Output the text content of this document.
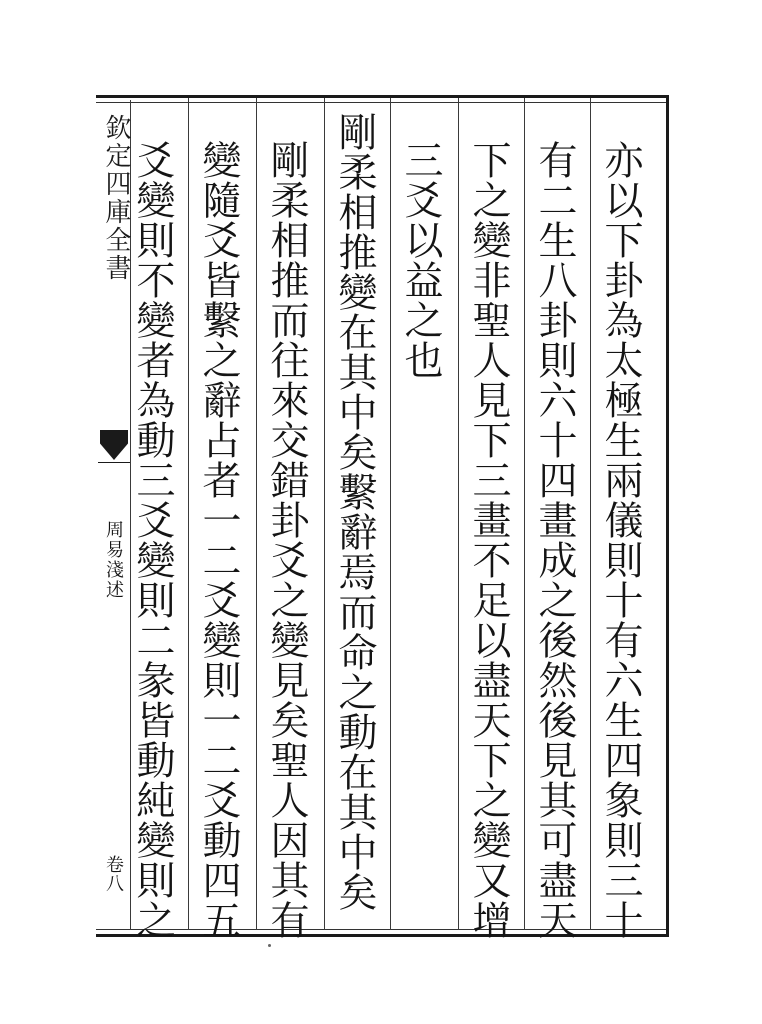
欽定四庫全書
周易淺述
卷八	亦以下卦為太極生兩儀則十有六生四象則三十
有二生八卦則六十四畫成之後然後見其可盡天
下之變非聖人見下三畫不足以盡天下之變又增
三爻以益之也
剛柔相推變在其中矣繫辭焉而命之動在其中矣
剛柔相推而往來交錯卦爻之變見矣聖人因其有
變隨爻皆繫之辭占者一二爻變則一二爻動四五
爻變則不變者為動三爻變則二彖皆動純變則之
